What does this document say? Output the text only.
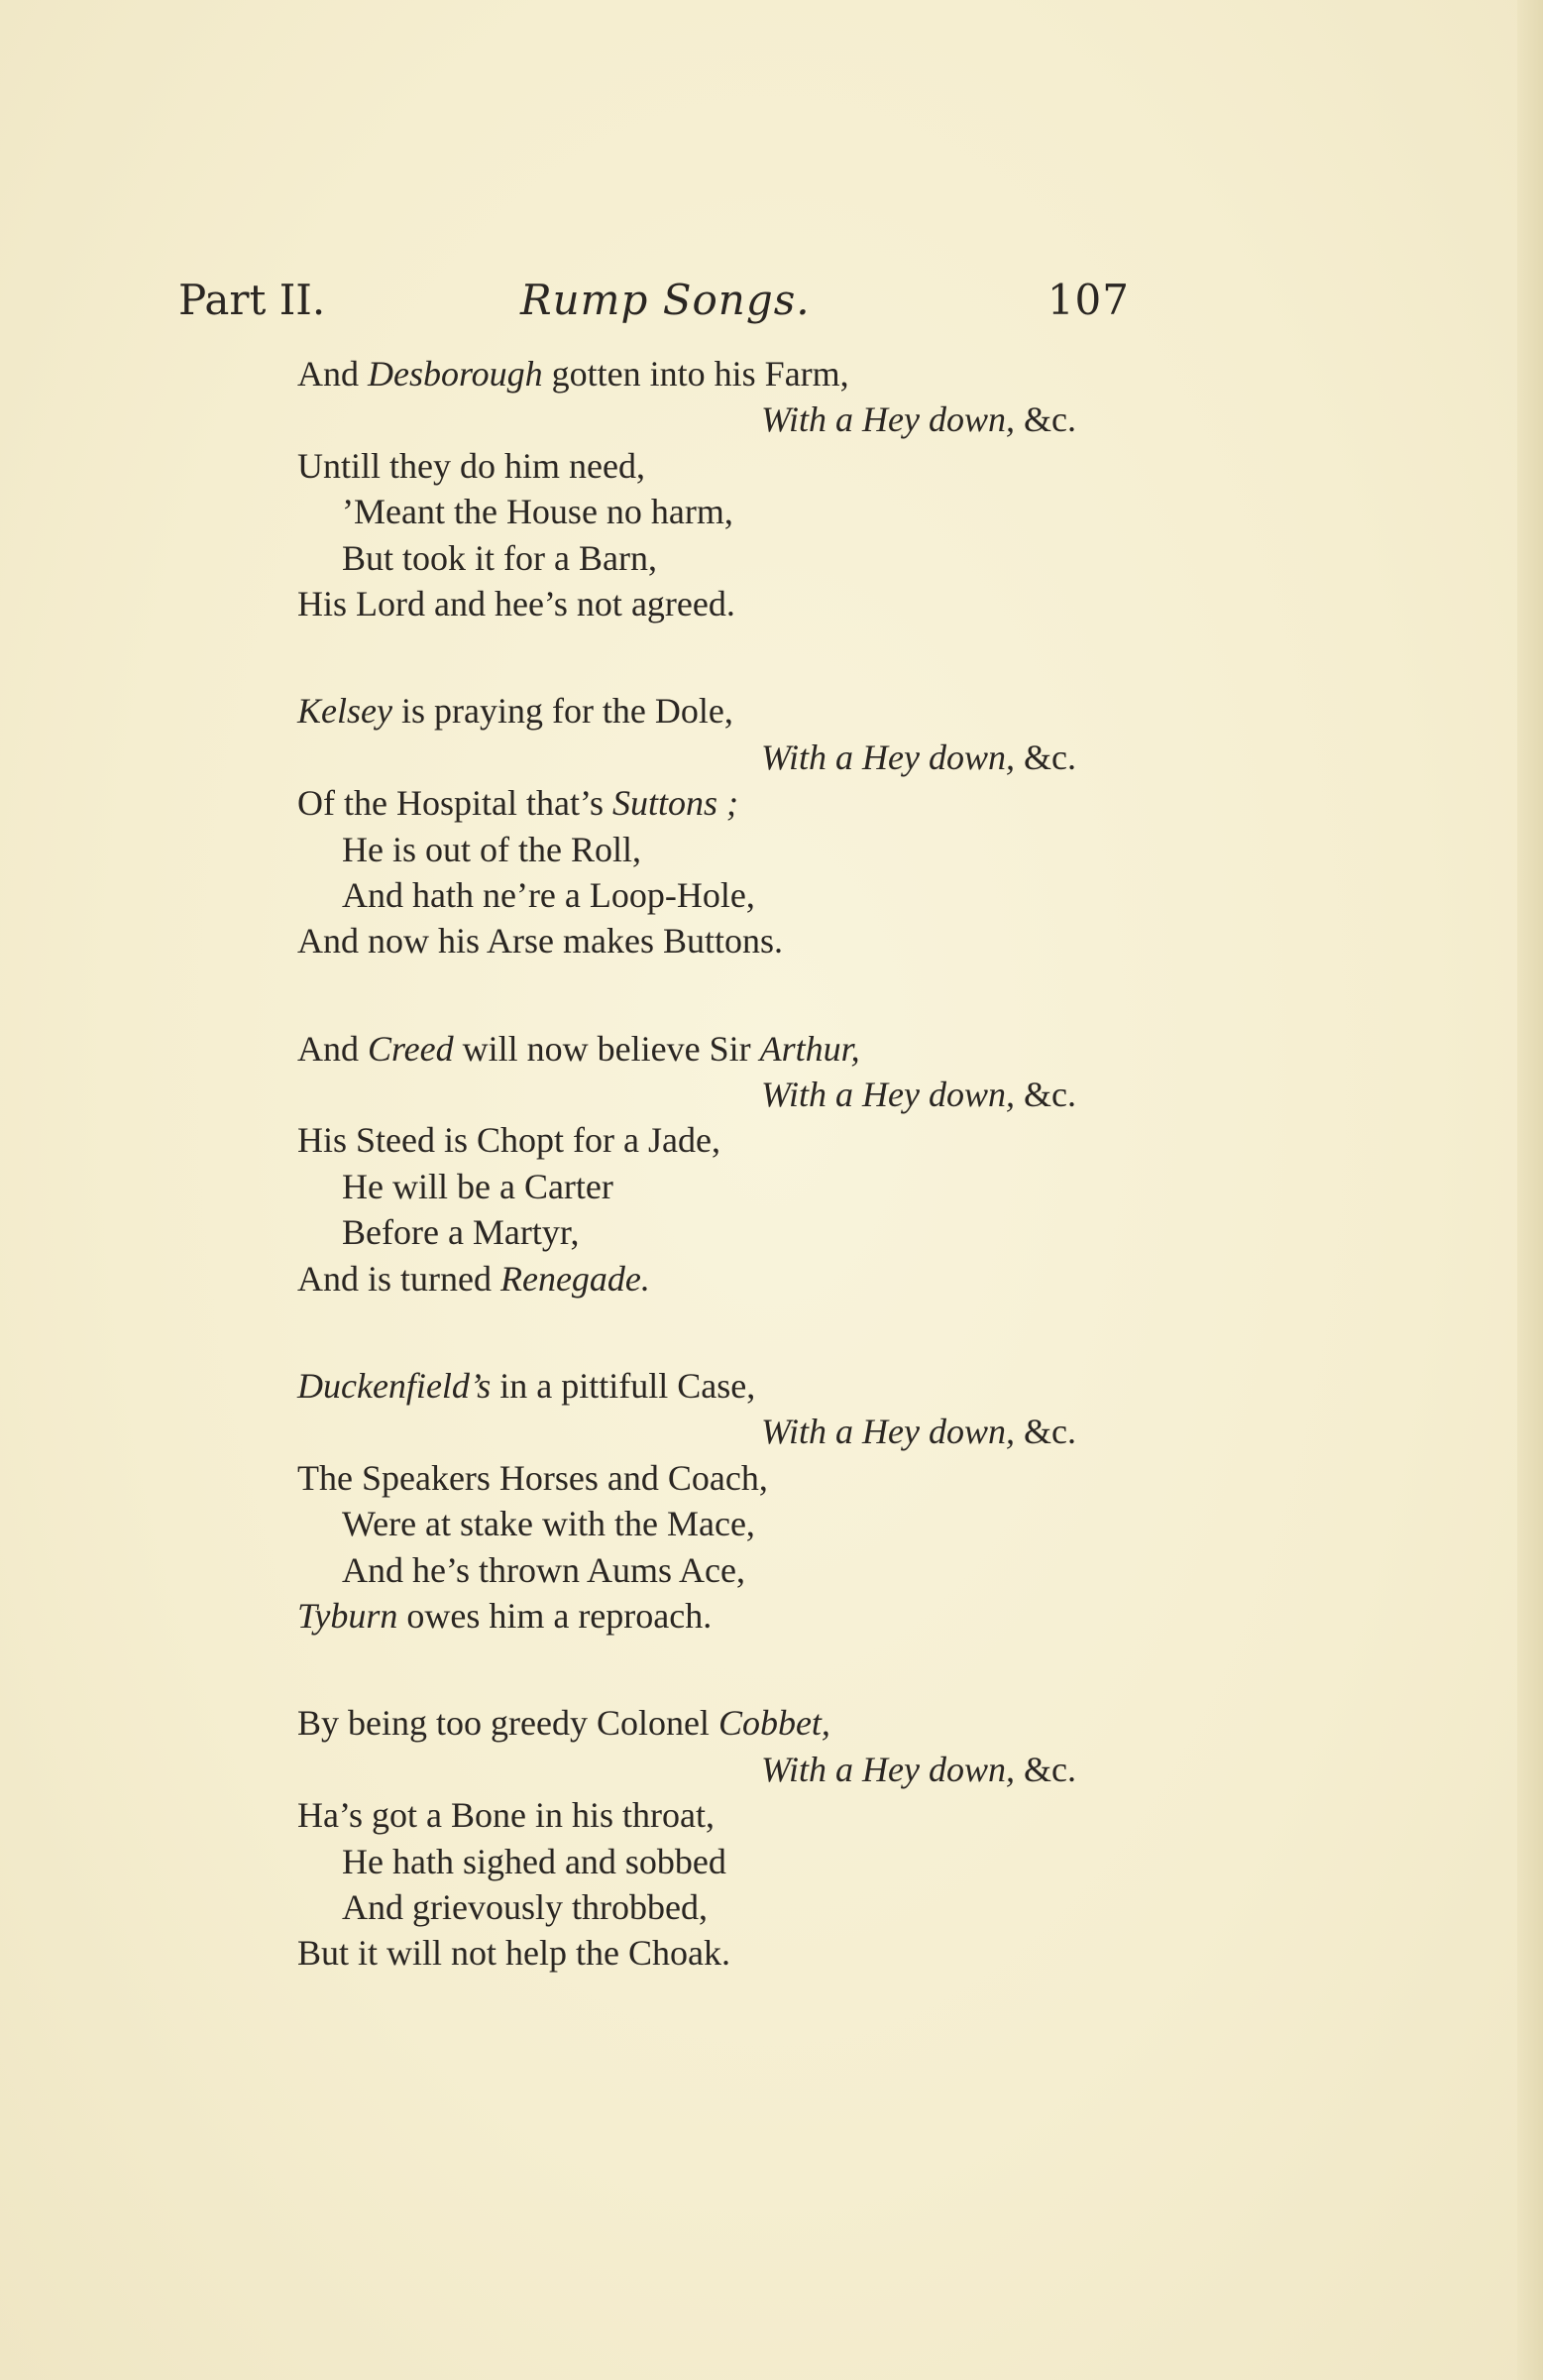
Part II.	Rump Songs.	107
And Desborough gotten into his Farm,
With a Hey down, &c.
Untill they do him need,
’Meant the House no harm,
But took it for a Barn,
His Lord and hee’s not agreed.
Kelsey is praying for the Dole,
With a Hey down, &c.
Of the Hospital that’s Suttons ;
He is out of the Roll,
And hath ne’re a Loop-Hole,
And now his Arse makes Buttons.
And Creed will now believe Sir Arthur,
With a Hey down, &c.
His Steed is Chopt for a Jade,
He will be a Carter
Before a Martyr,
And is turned Renegade.
Duckenfield’s in a pittifull Case,
With a Hey down, &c.
The Speakers Horses and Coach,
Were at stake with the Mace,
And he’s thrown Aums Ace,
Tyburn owes him a reproach.
By being too greedy Colonel Cobbet,
With a Hey down, &c.
Ha’s got a Bone in his throat,
He hath sighed and sobbed
And grievously throbbed,
But it will not help the Choak.
